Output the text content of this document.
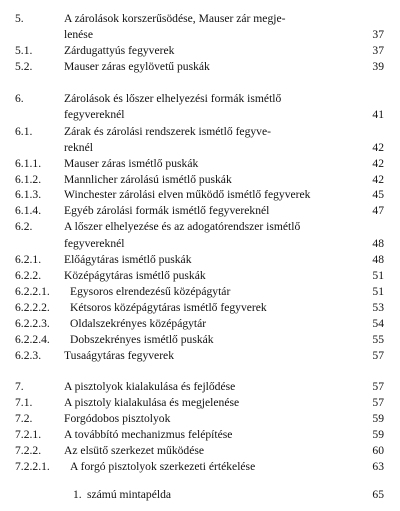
5.	A zárolások korszerűsödése, Mauser zár megje-
lenése	37
5.1.	Zárdugattyús fegyverek	37
5.2.	Mauser záras egylövetű puskák	39
6.	Zárolások és lőszer elhelyezési formák ismétlő
fegyvereknél	41
6.1.	Zárak és zárolási rendszerek ismétlő fegyve-
reknél	42
6.1.1. Mauser záras ismétlő puskák	42
6.1.2. Mannlicher zárolású ismétlő puskák	42
6.1.3. Winchester zárolási elven működő ismétlő fegyverek	45
6.1.4. Egyéb zárolási formák ismétlő fegyvereknél	47
6.2.	A lőszer elhelyezése és az adogatórendszer ismétlő
fegyvereknél	48
6.2.1. Előágytáras ismétlő puskák	48
6.2.2. Középágytáras ismétlő puskák	51
6.2.2.1. Egysoros elrendezésű középágytár	51
6.2.2.2. Kétsoros középágytáras ismétlő fegyverek	53
6.2.2.3. Oldalszekrényes középágytár	54
6.2.2.4. Dobszekrényes ismétlő puskák	55
6.2.3. Tusaágytáras fegyverek	57
7.	A pisztolyok kialakulása és fejlődése	57
7.1.	A pisztoly kialakulása és megjelenése	57
7.2.	Forgódobos pisztolyok	59
7.2.1. A továbbító mechanizmus felépítése	59
7.2.2. Az elsütő szerkezet működése	60
7.2.2.1. A forgó pisztolyok szerkezeti értékelése	63
1. számú mintapélda	65
